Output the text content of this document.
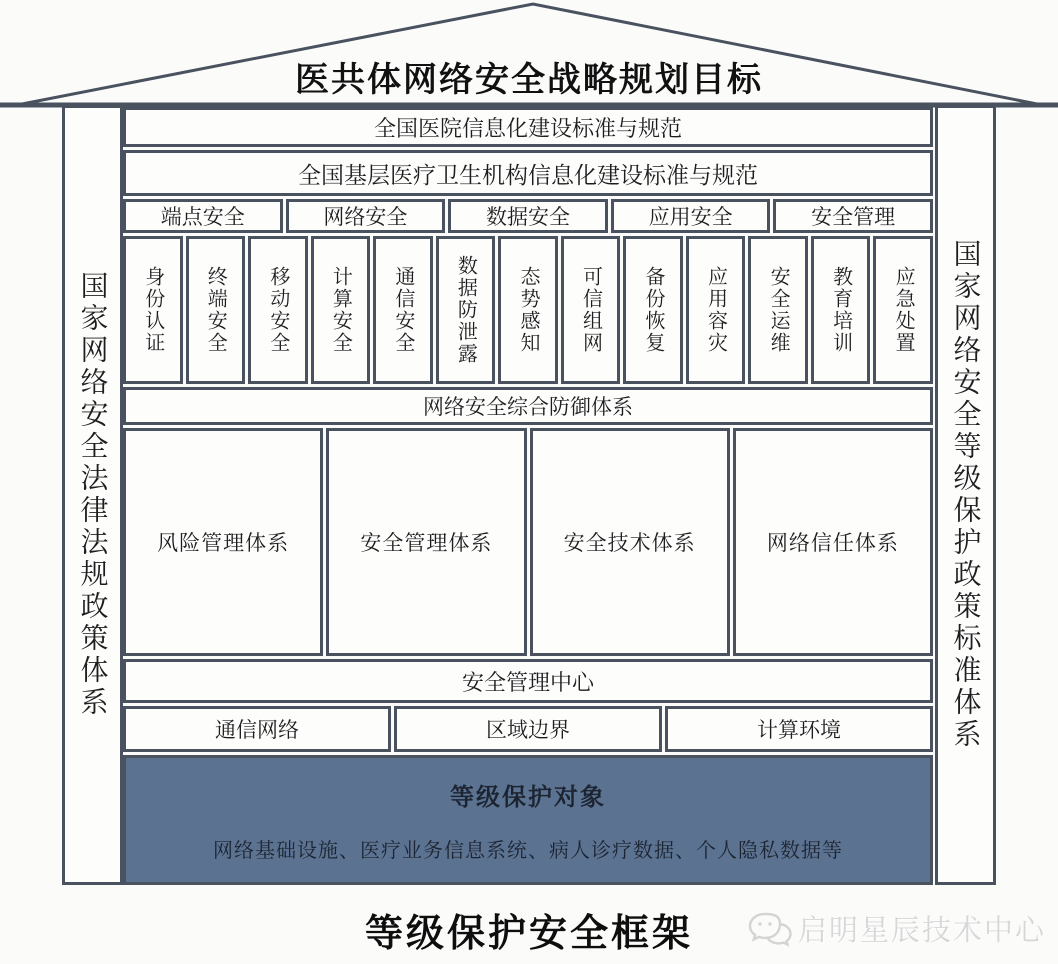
医共体网络安全战略规划目标
国家网络安全法律法规政策体系	国家网络安全等级保护政策标准体系
全国医院信息化建设标准与规范
全国基层医疗卫生机构信息化建设标准与规范
端点安全	网络安全	数据安全	应用安全	安全管理
身份认证 终端安全 移动安全 计算安全 通信安全 数据防泄露 态势感知 可信组网 备份恢复 应用容灾 安全运维 教育培训 应急处置
网络安全综合防御体系
风险管理体系	安全管理体系	安全技术体系	网络信任体系
安全管理中心
通信网络	区域边界	计算环境
等级保护对象
网络基础设施、医疗业务信息系统、病人诊疗数据、个人隐私数据等
等级保护安全框架	启明星辰技术中心
